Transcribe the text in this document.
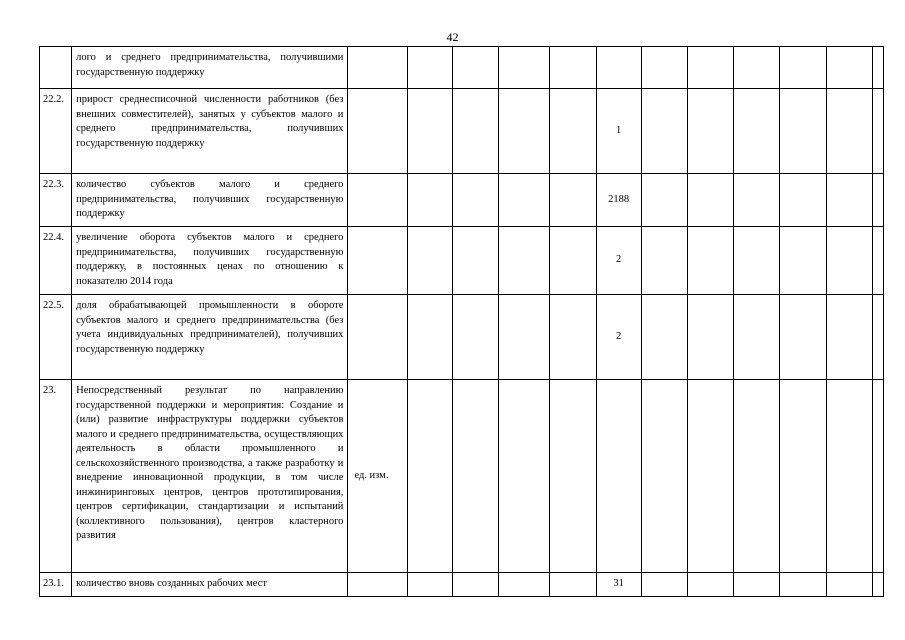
42
	лого и среднего предпринимательства, получившими государственную поддержку												
22.2.	прирост среднесписочной численности работников (без внешних совместителей), занятых у субъектов малого и среднего предпринимательства, получивших государственную поддержку						1						
22.3.	количество субъектов малого и среднего предпринимательства, получивших государственную поддержку						2188						
22.4.	увеличение оборота субъектов малого и среднего предпринимательства, получивших государственную поддержку, в постоянных ценах по отношению к показателю 2014 года						2						
22.5.	доля обрабатывающей промышленности в обороте субъектов малого и среднего предпринимательства (без учета индивидуальных предпринимателей), получивших государственную поддержку						2						
23.	Непосредственный результат по направлению государственной поддержки и мероприятия: Создание и (или) развитие инфраструктуры поддержки субъектов малого и среднего предпринимательства, осуществляющих деятельность в области промышленного и сельскохозяйственного производства, а также разработку и внедрение инновационной продукции, в том числе инжиниринговых центров, центров прототипирования, центров сертификации, стандартизации и испытаний (коллективного пользования), центров кластерного развития	ед. изм.											
23.1.	количество вновь созданных рабочих мест						31						
